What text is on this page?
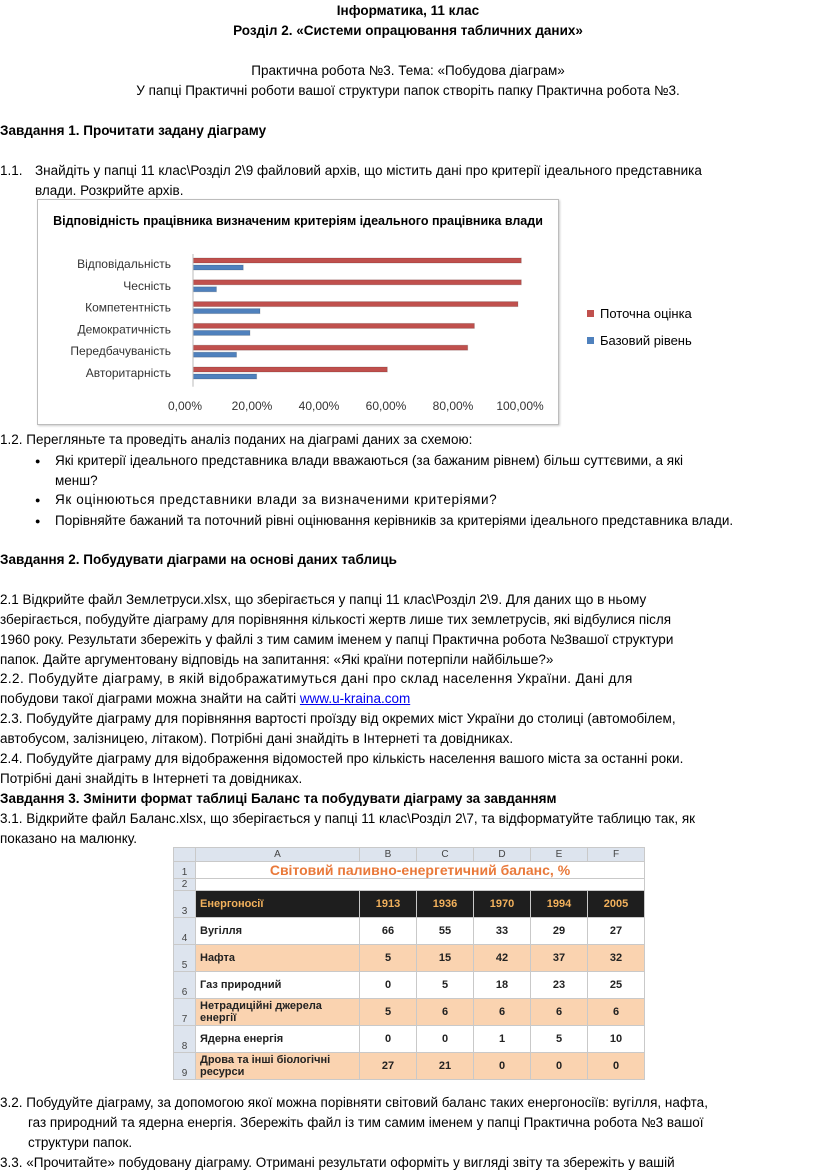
Інформатика, 11 клас
Розділ 2. «Системи опрацювання табличних даних»
Практична робота №3. Тема: «Побудова діаграм»
У папці Практичні роботи вашої структури папок створіть папку Практична робота №3.
Завдання 1. Прочитати задану діаграму
1.1. Знайдіть у папці 11 клас\Розділ 2\9 файловий архів, що містить дані про критерії ідеального представника
влади. Розкрийте архів.
Відповідність працівника визначеним критеріям ідеального працівника влади
Відповідальність
Чесність
Компетентність
Демократичність
Передбачуваність
Авторитарність
0,00% 20,00% 40,00% 60,00% 80,00% 100,00%
1.2. Перегляньте та проведіть аналіз поданих на діаграмі даних за схемою:
● Які критерії ідеального представника влади вважаються (за бажаним рівнем) більш суттєвими, а які
менш?
● Як оцінюються представники влади за визначеними критеріями?
● Порівняйте бажаний та поточний рівні оцінювання керівників за критеріями ідеального представника влади.
Завдання 2. Побудувати діаграми на основі даних таблиць
2.1 Відкрийте файл Землетруси.xlsx, що зберігається у папці 11 клас\Розділ 2\9. Для даних що в ньому
зберігається, побудуйте діаграму для порівняння кількості жертв лише тих землетрусів, які відбулися після
1960 року. Результати збережіть у файлі з тим самим іменем у папці Практична робота №3вашої структури
папок. Дайте аргументовану відповідь на запитання: «Які країни потерпіли найбільше?»
2.2. Побудуйте діаграму, в якій відображатимуться дані про склад населення України. Дані для
побудови такої діаграми можна знайти на сайті www.u-kraina.com
2.3. Побудуйте діаграму для порівняння вартості проїзду від окремих міст України до столиці (автомобілем,
автобусом, залізницею, літаком). Потрібні дані знайдіть в Інтернеті та довідниках.
2.4. Побудуйте діаграму для відображення відомостей про кількість населення вашого міста за останні роки.
Потрібні дані знайдіть в Інтернеті та довідниках.
Завдання 3. Змінити формат таблиці Баланс та побудувати діаграму за завданням
3.1. Відкрийте файл Баланс.xlsx, що зберігається у папці 11 клас\Розділ 2\7, та відформатуйте таблицю так, як
показано на малюнку.
	A	B	C	D	E	F
1	Світовий паливно-енергетичний баланс, %					
2						
3	Енергоносії	1913	1936	1970	1994	2005
4	Вугілля	66	55	33	29	27
5	Нафта	5	15	42	37	32
6	Газ природний	0	5	18	23	25
7	Нетрадиційні джерела енергії	5	6	6	6	6
8	Ядерна енергія	0	0	1	5	10
9	Дрова та інші біологічні ресурси	27	21	0	0	0
3.2. Побудуйте діаграму, за допомогою якої можна порівняти світовий баланс таких енергоносіїв: вугілля, нафта,
газ природний та ядерна енергія. Збережіть файл із тим самим іменем у папці Практична робота №3 вашої
структури папок.
3.3. «Прочитайте» побудовану діаграму. Отримані результати оформіть у вигляді звіту та збережіть у вашій
Поточна оцінка
Базовий рівень
